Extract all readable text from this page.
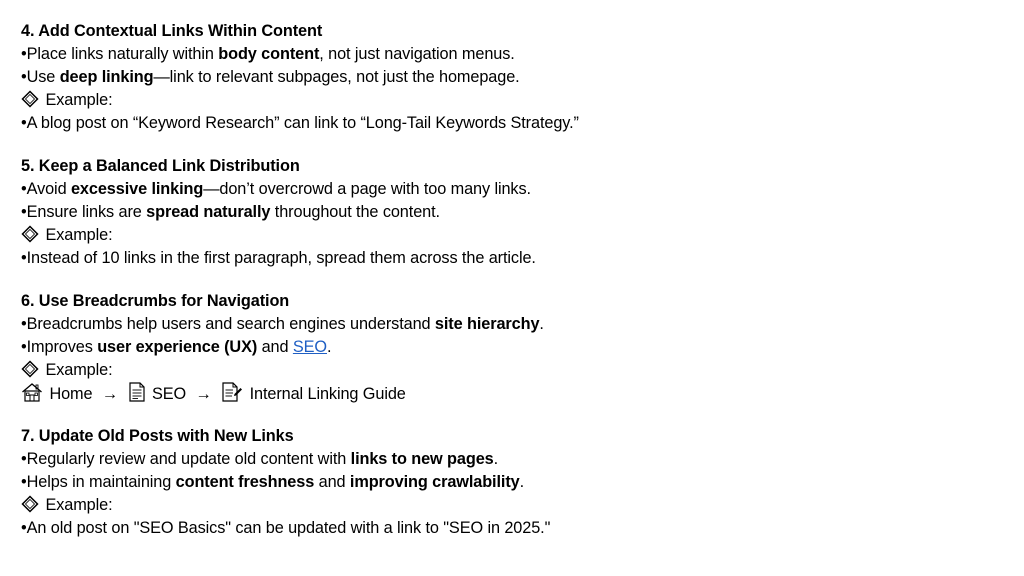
4. Add Contextual Links Within Content
•Place links naturally within body content, not just navigation menus.
•Use deep linking—link to relevant subpages, not just the homepage.
Example:
•A blog post on “Keyword Research” can link to “Long-Tail Keywords Strategy.”
5. Keep a Balanced Link Distribution
•Avoid excessive linking—don’t overcrowd a page with too many links.
•Ensure links are spread naturally throughout the content.
Example:
•Instead of 10 links in the first paragraph, spread them across the article.
6. Use Breadcrumbs for Navigation
•Breadcrumbs help users and search engines understand site hierarchy.
•Improves user experience (UX) and SEO.
Example:
Home → SEO → Internal Linking Guide
7. Update Old Posts with New Links
•Regularly review and update old content with links to new pages.
•Helps in maintaining content freshness and improving crawlability.
Example:
•An old post on "SEO Basics" can be updated with a link to "SEO in 2025."
